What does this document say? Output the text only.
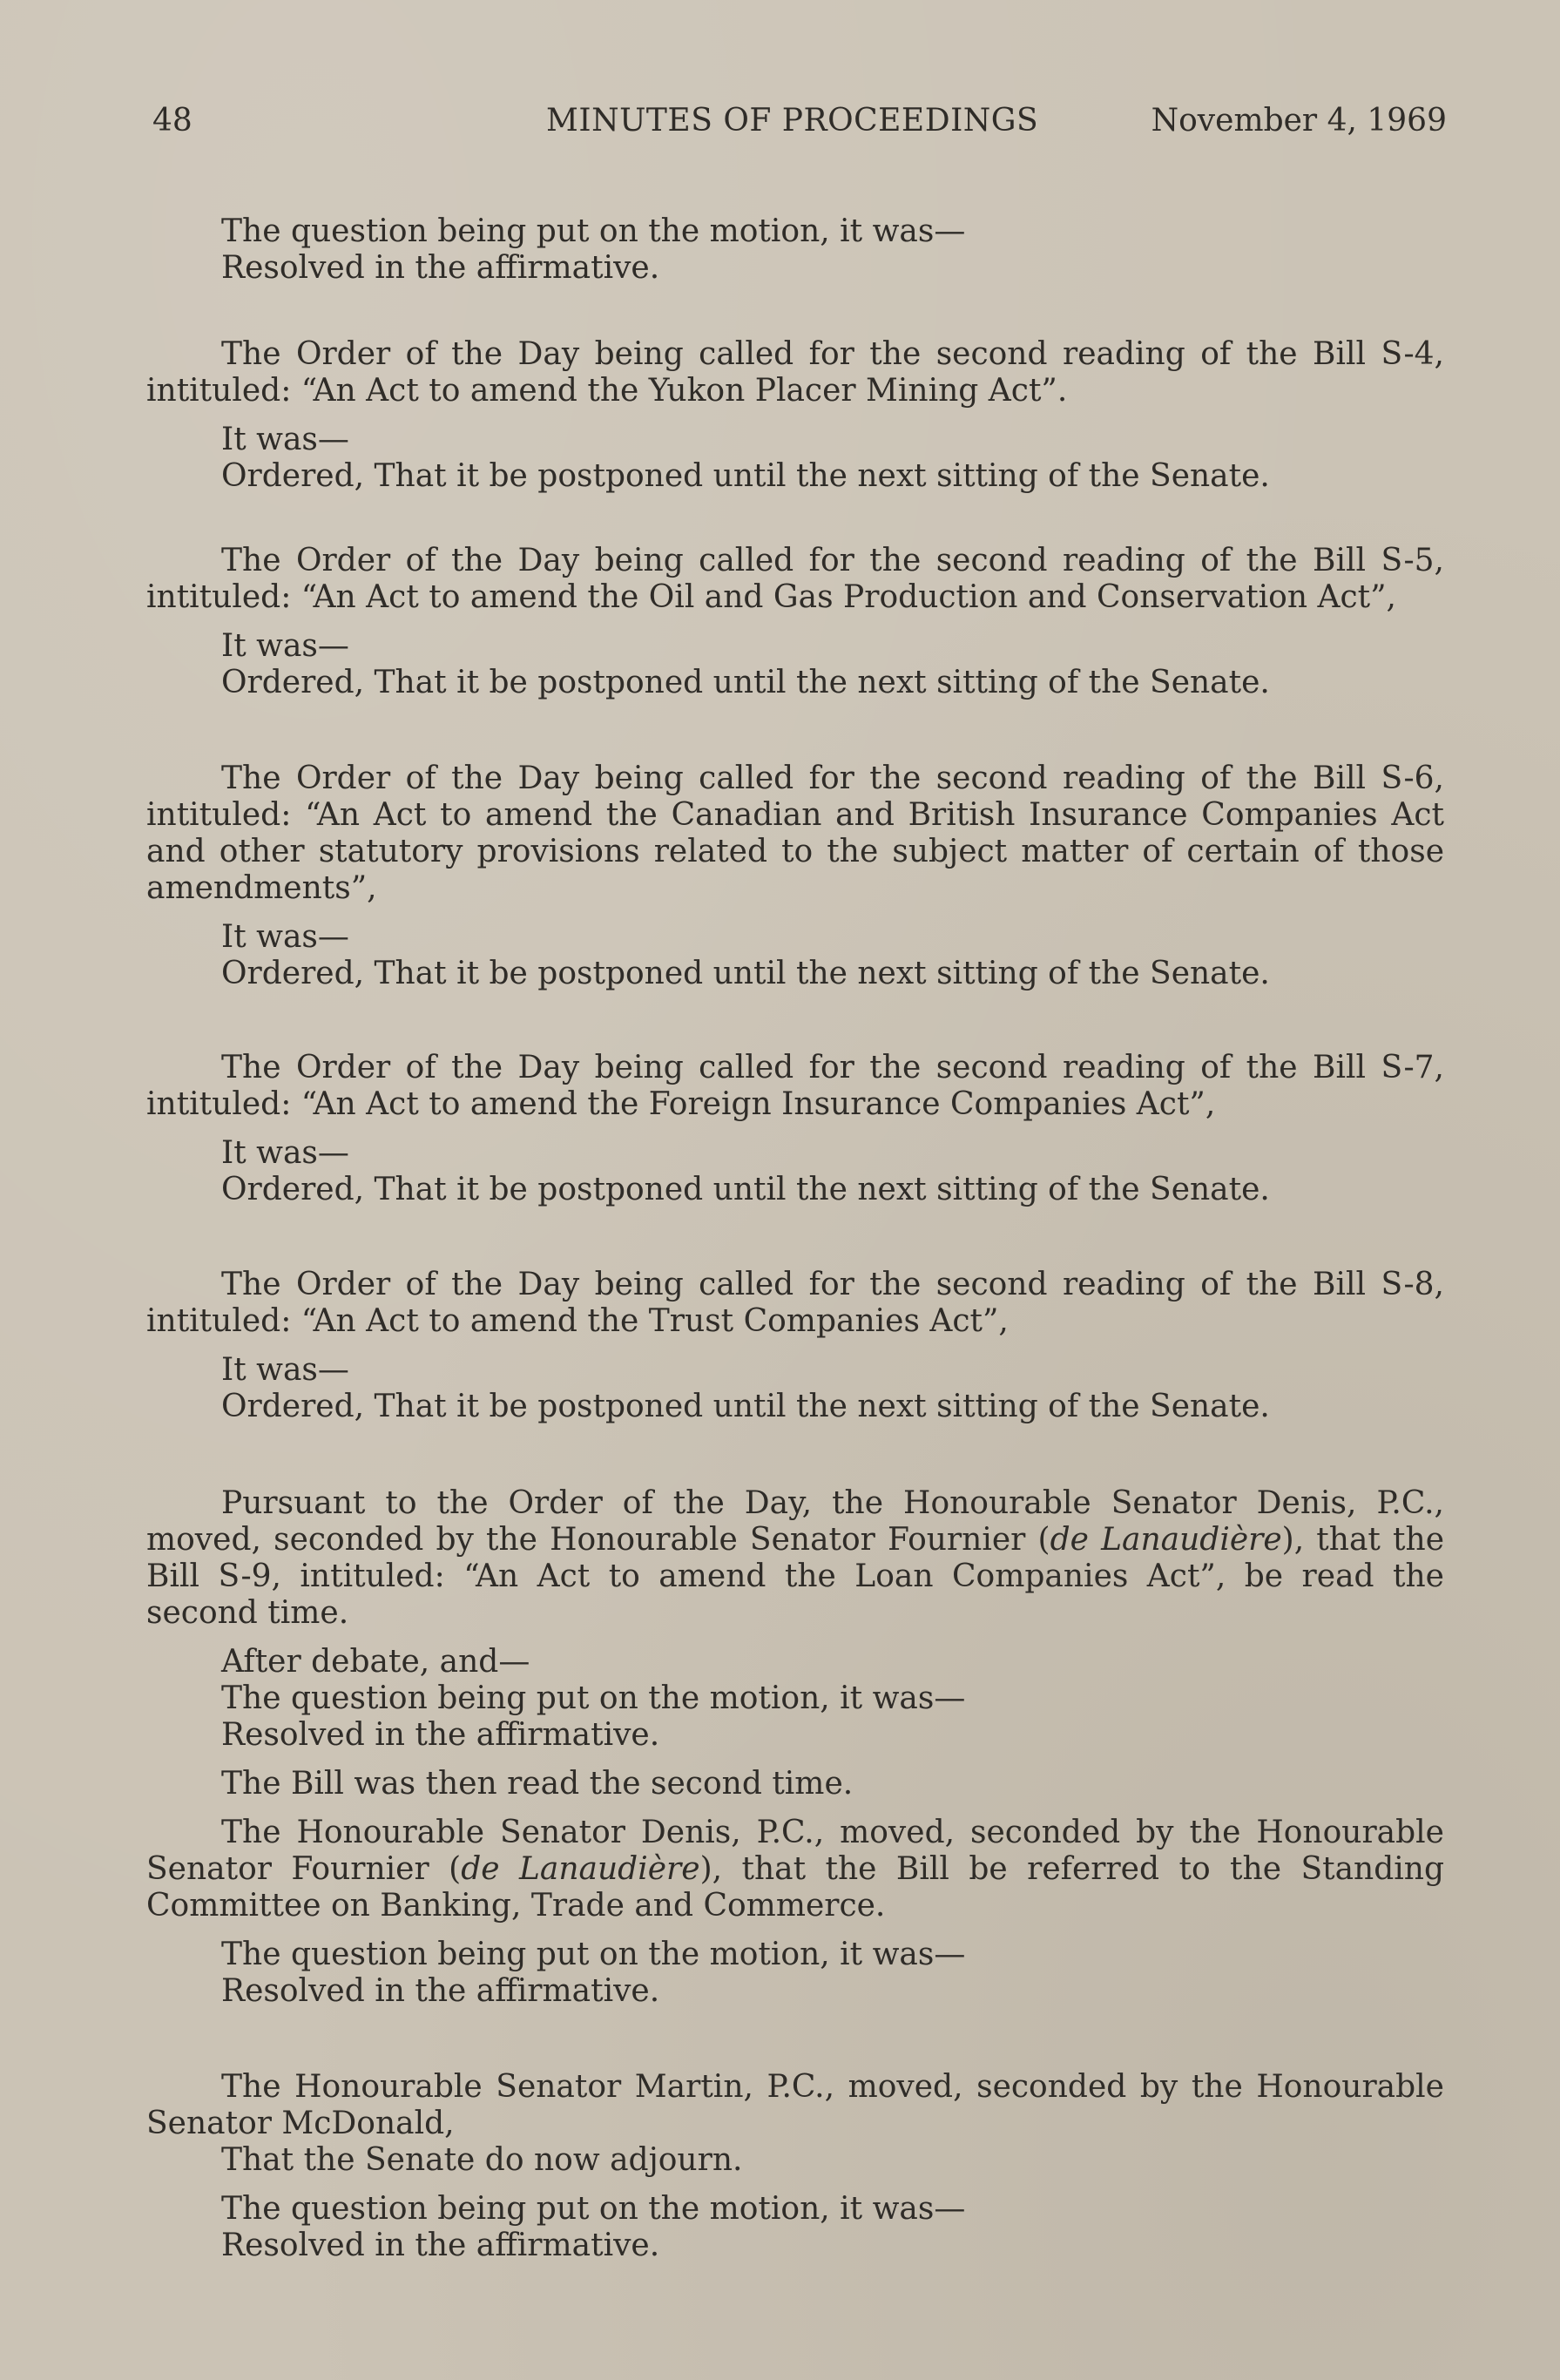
48	MINUTES OF PROCEEDINGS	November 4, 1969
The question being put on the motion, it was—
Resolved in the affirmative.
The Order of the Day being called for the second reading of the Bill S-4,
intituled: “An Act to amend the Yukon Placer Mining Act”.
It was—
Ordered, That it be postponed until the next sitting of the Senate.
The Order of the Day being called for the second reading of the Bill S-5,
intituled: “An Act to amend the Oil and Gas Production and Conservation Act”,
It was—
Ordered, That it be postponed until the next sitting of the Senate.
The Order of the Day being called for the second reading of the Bill S-6,
intituled: “An Act to amend the Canadian and British Insurance Companies Act
and other statutory provisions related to the subject matter of certain of those
amendments”,
It was—
Ordered, That it be postponed until the next sitting of the Senate.
The Order of the Day being called for the second reading of the Bill S-7,
intituled: “An Act to amend the Foreign Insurance Companies Act”,
It was—
Ordered, That it be postponed until the next sitting of the Senate.
The Order of the Day being called for the second reading of the Bill S-8,
intituled: “An Act to amend the Trust Companies Act”,
It was—
Ordered, That it be postponed until the next sitting of the Senate.
Pursuant to the Order of the Day, the Honourable Senator Denis, P.C.,
moved, seconded by the Honourable Senator Fournier (de Lanaudière), that the
Bill S-9, intituled: “An Act to amend the Loan Companies Act”, be read the
second time.
After debate, and—
The question being put on the motion, it was—
Resolved in the affirmative.
The Bill was then read the second time.
The Honourable Senator Denis, P.C., moved, seconded by the Honourable
Senator Fournier (de Lanaudière), that the Bill be referred to the Standing
Committee on Banking, Trade and Commerce.
The question being put on the motion, it was—
Resolved in the affirmative.
The Honourable Senator Martin, P.C., moved, seconded by the Honourable
Senator McDonald,
That the Senate do now adjourn.
The question being put on the motion, it was—
Resolved in the affirmative.
